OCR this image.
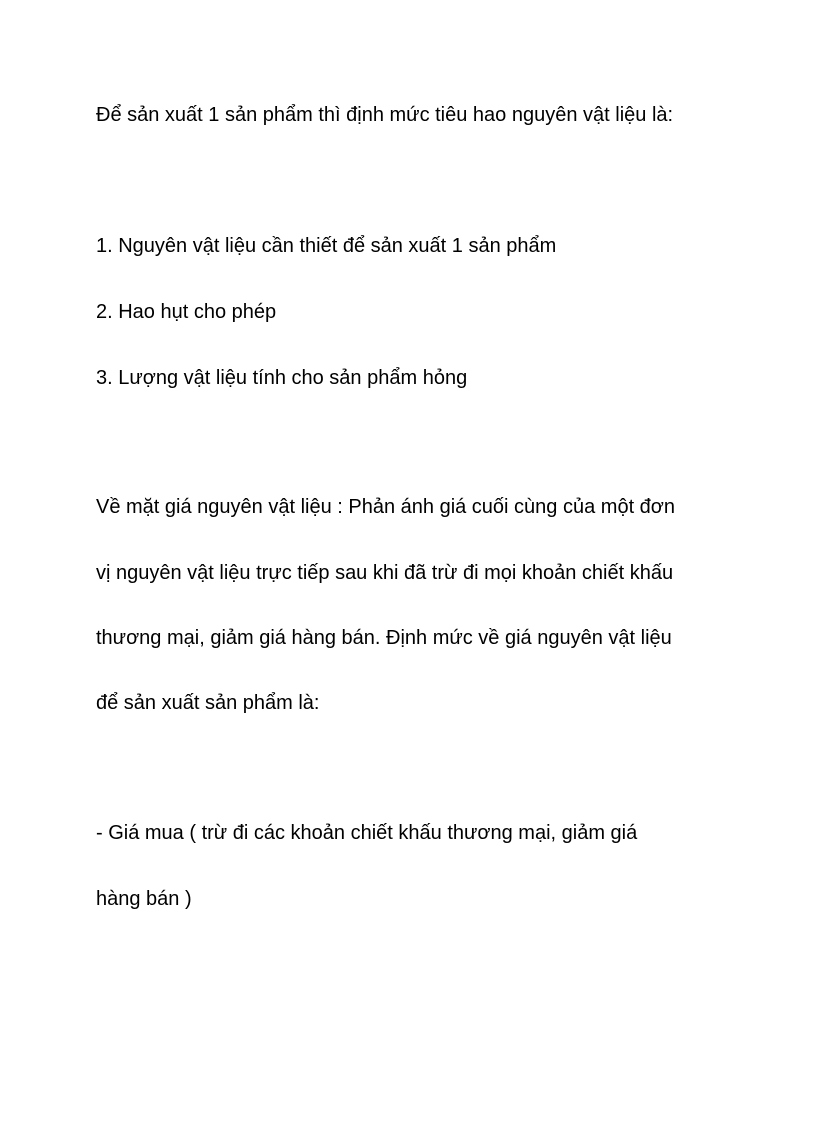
Để sản xuất 1 sản phẩm thì định mức tiêu hao nguyên vật liệu là:

1. Nguyên vật liệu cần thiết để sản xuất 1 sản phẩm

2. Hao hụt cho phép

3. Lượng vật liệu tính cho sản phẩm hỏng

Về mặt giá nguyên vật liệu : Phản ánh giá cuối cùng của một đơn

vị nguyên vật liệu trực tiếp sau khi đã trừ đi mọi khoản chiết khấu

thương mại, giảm giá hàng bán. Định mức về giá nguyên vật liệu

để sản xuất sản phẩm là:

- Giá mua ( trừ đi các khoản chiết khấu thương mại, giảm giá

hàng bán )
